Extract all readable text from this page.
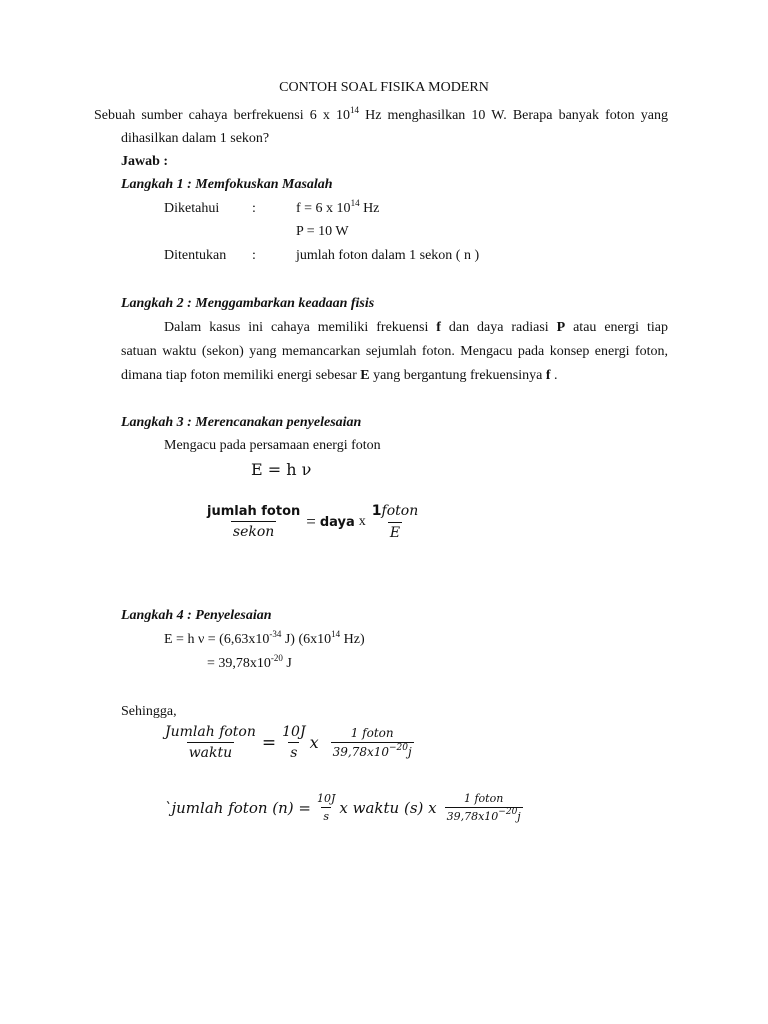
CONTOH SOAL FISIKA MODERN
Sebuah sumber cahaya berfrekuensi 6 x $10^{14}$ Hz menghasilkan 10 W. Berapa banyak foton yang
dihasilkan dalam 1 sekon?
Jawab :
Langkah 1 : Memfokuskan Masalah
Diketahui :	f = 6 x $10^{14}$ Hz
P = 10 W
Ditentukan :	jumlah foton dalam 1 sekon ( n )
Langkah 2 : Menggambarkan keadaan fisis
Dalam kasus ini cahaya memiliki frekuensi f dan daya radiasi P atau energi tiap
satuan waktu (sekon) yang memancarkan sejumlah foton. Mengacu pada konsep energi foton,
dimana tiap foton memiliki energi sebesar E yang bergantung frekuensinya f .
Langkah 3 : Merencanakan penyelesaian
Mengacu pada persamaan energi foton
E = h ν
$\frac{\text{jumlah foton}}{\text{sekon}}$ = daya x $\frac{\text{1foton}}{E}$
Langkah 4 : Penyelesaian
E = h $\nu = (6,63x10^{-34}$ J) ($6x10^{14}$ Hz)
= $39,78x10^{-20}$ J
Sehingga,
$\frac{\text{Jumlah foton}}{\text{waktu}} = \frac{10J}{s}$ x	$\frac{\text{1 foton}}{39,78x10^{-20}j}$
`jumlah foton $(n) = \frac{10J}{s}$ x waktu (s) x $\frac{\text{1 foton}}{39,78x10^{-20}j}$
